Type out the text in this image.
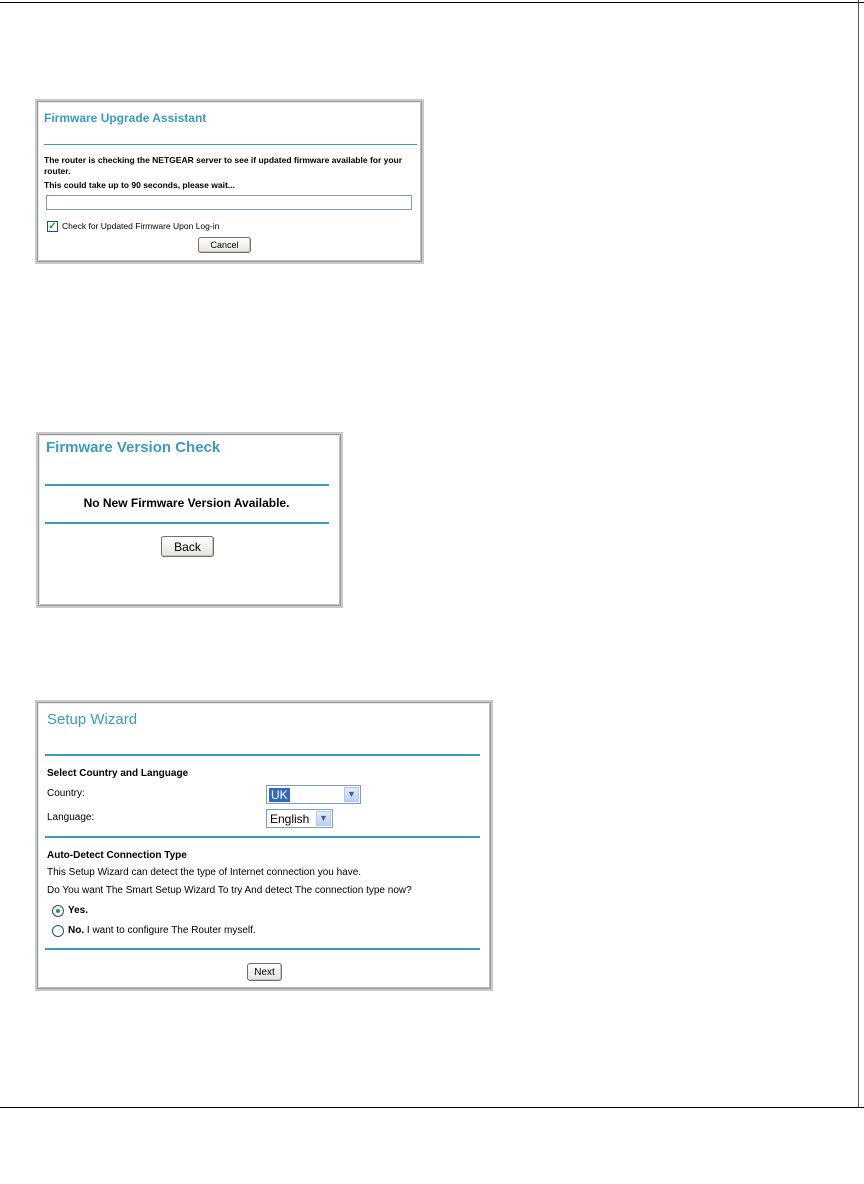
Firmware Upgrade Assistant
The router is checking the NETGEAR server to see if updated firmware available for your
router.
This could take up to 90 seconds, please wait...
✓ Check for Updated Firmware Upon Log-in
Cancel
Firmware Version Check
No New Firmware Version Available.
Back
Setup Wizard
Select Country and Language
Country:	UK	▼
Language:	English	▼
Auto-Detect Connection Type
This Setup Wizard can detect the type of Internet connection you have.
Do You want The Smart Setup Wizard To try And detect The connection type now?
Yes.
No. I want to configure The Router myself.
Next
